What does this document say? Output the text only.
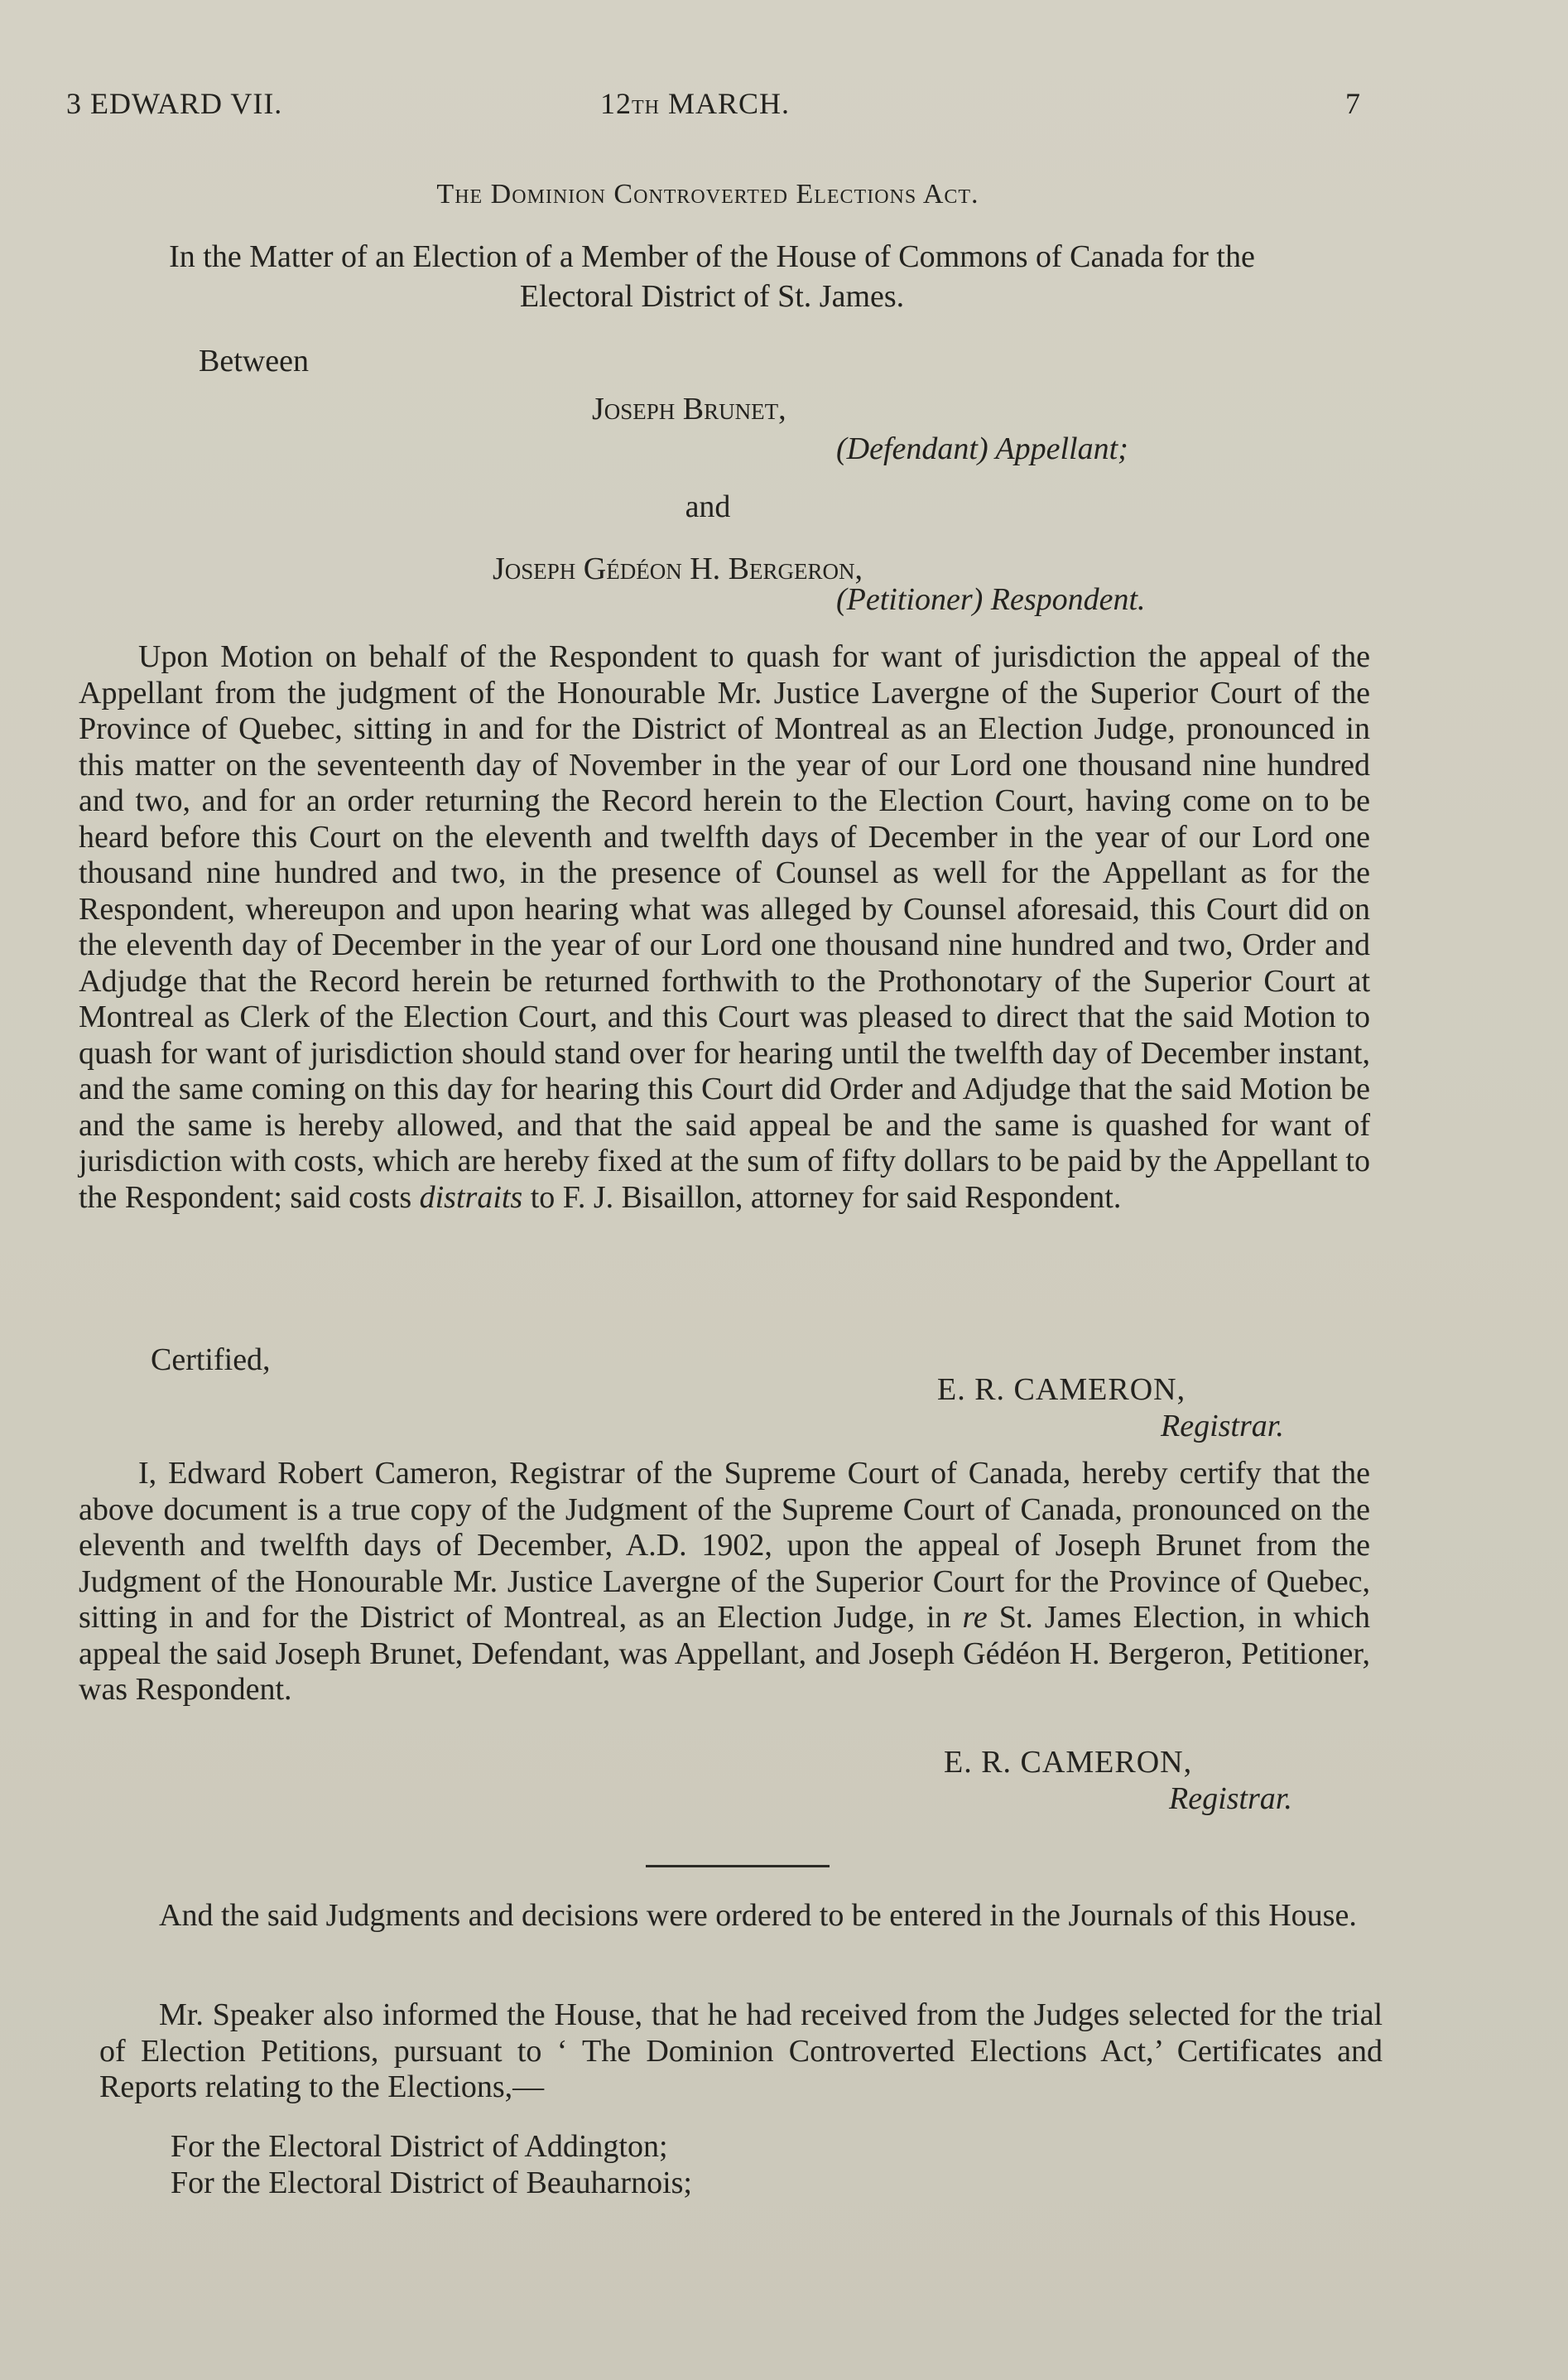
3 EDWARD VII.	12TH MARCH.	7
The Dominion Controverted Elections Act.
In the Matter of an Election of a Member of the House of Commons of Canada for the
Electoral District of St. James.
Between
Joseph Brunet,
(Defendant) Appellant;
and
Joseph Gédéon H. Bergeron,
(Petitioner) Respondent.

Upon Motion on behalf of the Respondent to quash for want of jurisdiction the appeal of the Appellant from the judgment of the Honourable Mr. Justice Lavergne of the Superior Court of the Province of Quebec, sitting in and for the District of Montreal as an Election Judge, pronounced in this matter on the seventeenth day of November in the year of our Lord one thousand nine hundred and two, and for an order returning the Record herein to the Election Court, having come on to be heard before this Court on the eleventh and twelfth days of December in the year of our Lord one thousand nine hundred and two, in the presence of Counsel as well for the Appellant as for the Respondent, whereupon and upon hearing what was alleged by Counsel aforesaid, this Court did on the eleventh day of December in the year of our Lord one thousand nine hundred and two, Order and Adjudge that the Record herein be returned forthwith to the Prothonotary of the Superior Court at Montreal as Clerk of the Election Court, and this Court was pleased to direct that the said Motion to quash for want of jurisdiction should stand over for hearing until the twelfth day of December instant, and the same coming on this day for hearing this Court did Order and Adjudge that the said Motion be and the same is hereby allowed, and that the said appeal be and the same is quashed for want of jurisdiction with costs, which are hereby fixed at the sum of fifty dollars to be paid by the Appellant to the Respondent; said costs distraits to F. J. Bisaillon, attorney for said Respondent.

Certified,
E. R. CAMERON,
Registrar.

I, Edward Robert Cameron, Registrar of the Supreme Court of Canada, hereby certify that the above document is a true copy of the Judgment of the Supreme Court of Canada, pronounced on the eleventh and twelfth days of December, A.D. 1902, upon the appeal of Joseph Brunet from the Judgment of the Honourable Mr. Justice Lavergne of the Superior Court for the Province of Quebec, sitting in and for the District of Montreal, as an Election Judge, in re St. James Election, in which appeal the said Joseph Brunet, Defendant, was Appellant, and Joseph Gédéon H. Bergeron, Petitioner, was Respondent.

E. R. CAMERON,
Registrar.

And the said Judgments and decisions were ordered to be entered in the Journals of this House.

Mr. Speaker also informed the House, that he had received from the Judges selected for the trial of Election Petitions, pursuant to ‘ The Dominion Controverted Elections Act,’ Certificates and Reports relating to the Elections,—

For the Electoral District of Addington;
For the Electoral District of Beauharnois;
